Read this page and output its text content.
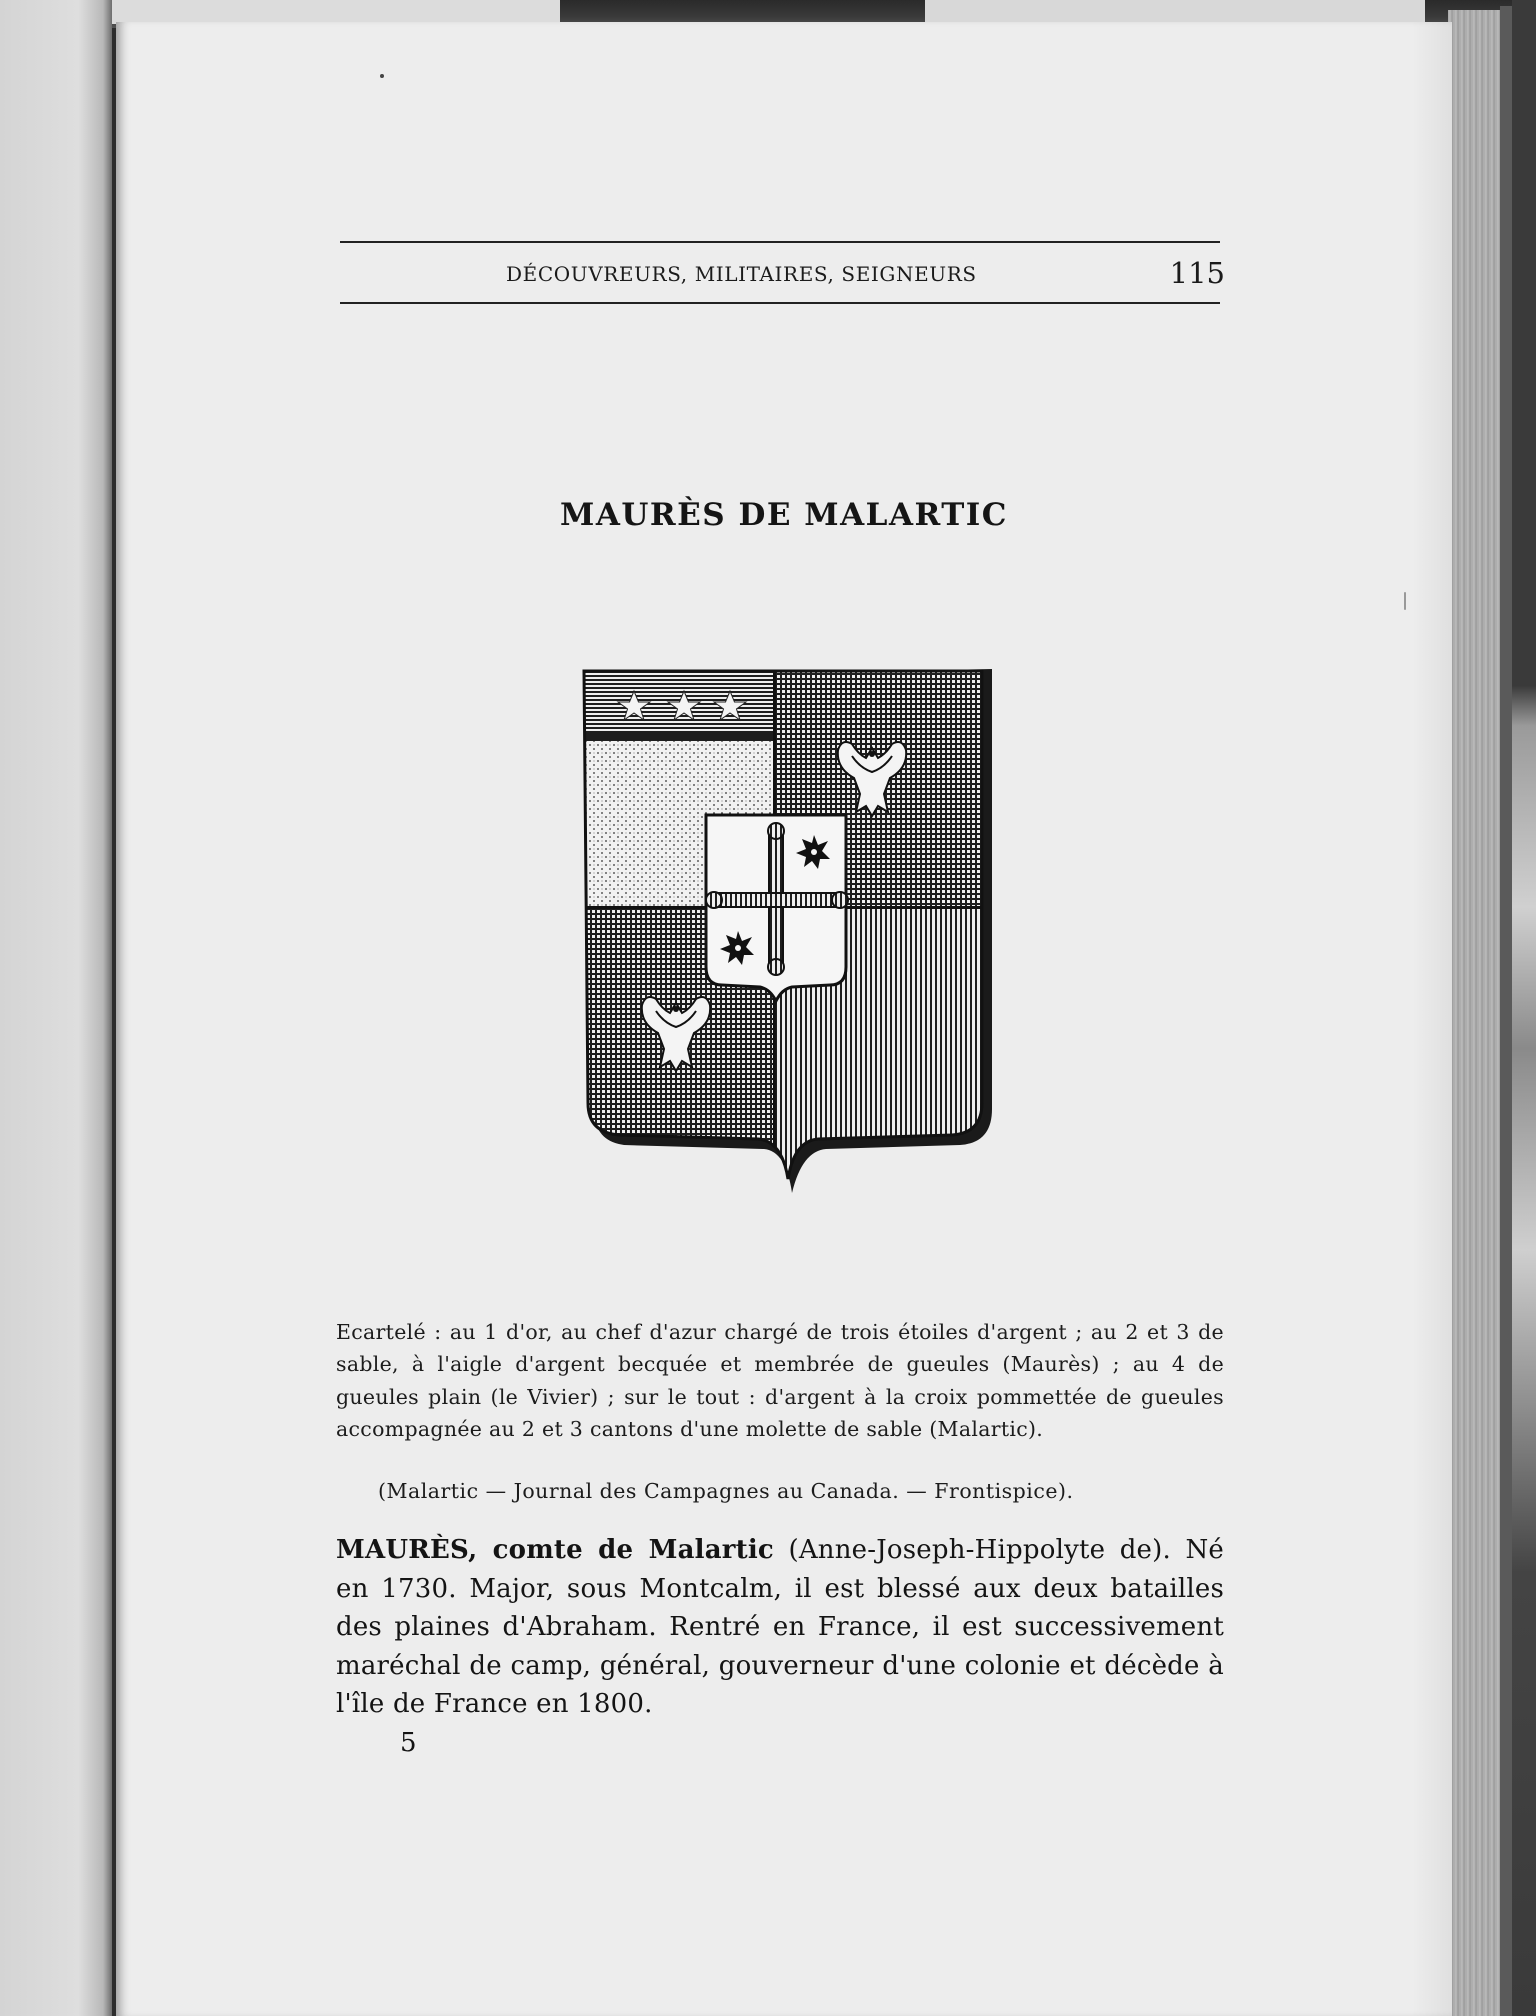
DÉCOUVREURS, MILITAIRES, SEIGNEURS	115
MAURÈS DE MALARTIC
Ecartelé : au 1 d'or, au chef d'azur chargé de trois étoiles d'argent ; au 2 et 3 de sable, à l'aigle d'argent becquée et membrée de gueules (Maurès) ; au 4 de gueules plain (le Vivier) ; sur le tout : d'argent à la croix pommettée de gueules accompagnée au 2 et 3 cantons d'une molette de sable (Malartic).
(Malartic — Journal des Campagnes au Canada. — Frontispice).

MAURÈS, comte de Malartic (Anne-Joseph-Hippolyte de). Né en 1730. Major, sous Montcalm, il est blessé aux deux batailles des plaines d'Abraham. Rentré en France, il est successivement maréchal de camp, général, gouverneur d'une colonie et décède à l'île de France en 1800.

5
